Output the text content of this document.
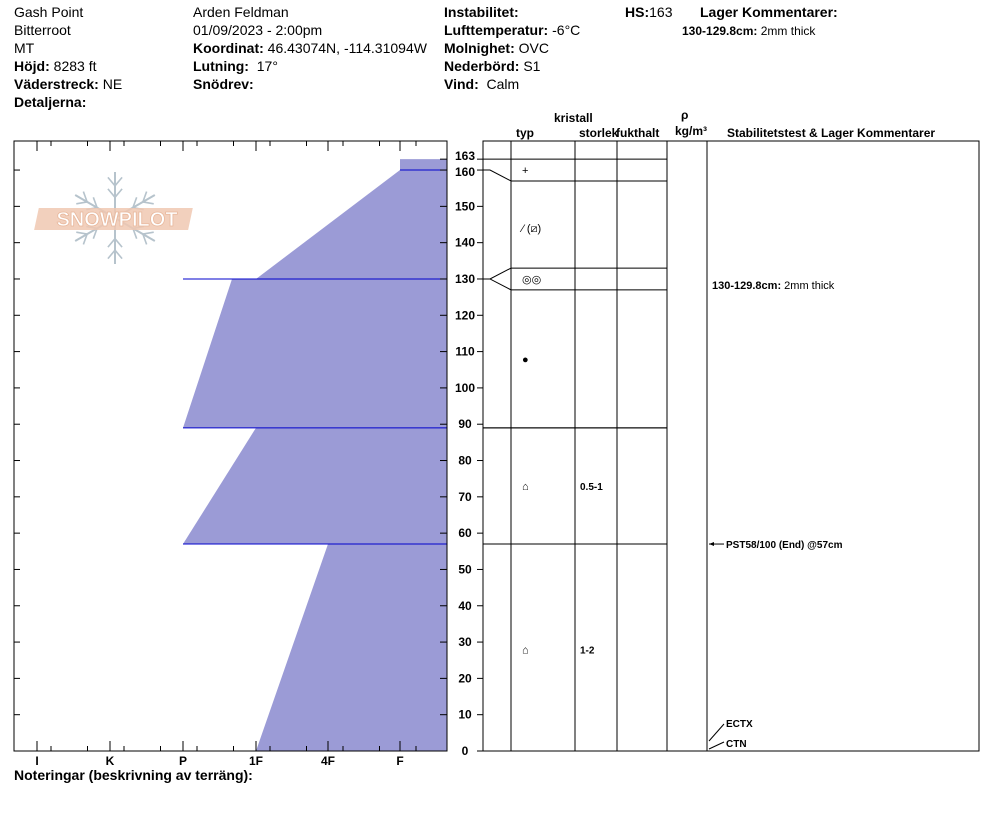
Gash Point
Bitterroot
MT
Höjd: 8283 ft
Väderstreck: NE
Detaljerna:
Arden Feldman
01/09/2023 - 2:00pm
Koordinat: 46.43074N, -114.31094W
Lutning: 17°
Snödrev:
Instabilitet:
Lufttemperatur: -6°C
Molnighet: OVC
Nederbörd: S1
Vind: Calm
HS:163 Lager Kommentarer:
130-129.8cm: 2mm thick
kristall
typ	storlek
fukthalt
ρ
kg/m³ Stabilitetstest & Lager Kommentarer
SNOWPILOT
I	K	P	1F	4F	F
0
10
20
30
40
50
60
70
80
90
100
110
120
130
140
150
160
163
+
⁄ (⧄)
◎◎
●
⌂	0.5-1
⌂	1-2
130-129.8cm: 2mm thick
PST58/100 (End) @57cm
ECTX
CTN
Noteringar (beskrivning av terräng):
